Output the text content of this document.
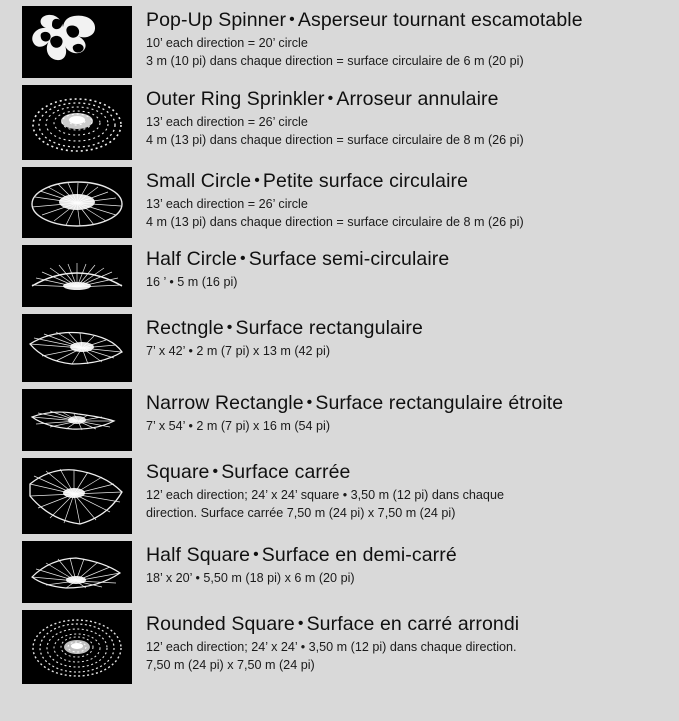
Pop-Up Spinner • Asperseur tournant escamotable
10’ each direction = 20’ circle
3 m (10 pi) dans chaque direction = surface circulaire de 6 m (20 pi)
Outer Ring Sprinkler • Arroseur annulaire
13’ each direction = 26’ circle
4 m (13 pi) dans chaque direction = surface circulaire de 8 m (26 pi)
Small Circle • Petite surface circulaire
13’ each direction = 26’ circle
4 m (13 pi) dans chaque direction = surface circulaire de 8 m (26 pi)
Half Circle • Surface semi-circulaire
16 ’ • 5 m (16 pi)
Rectngle • Surface rectangulaire
7’ x 42’ • 2 m (7 pi) x 13 m (42 pi)
Narrow Rectangle • Surface rectangulaire étroite
7’ x 54’ • 2 m (7 pi) x 16 m (54 pi)
Square • Surface carrée
12’ each direction; 24’ x 24’ square • 3,50 m (12 pi) dans chaque
direction. Surface carrée 7,50 m (24 pi) x 7,50 m (24 pi)
Half Square • Surface en demi-carré
18’ x 20’ • 5,50 m (18 pi) x 6 m (20 pi)
Rounded Square • Surface en carré arrondi
12’ each direction; 24’ x 24’ • 3,50 m (12 pi) dans chaque direction.
7,50 m (24 pi) x 7,50 m (24 pi)
